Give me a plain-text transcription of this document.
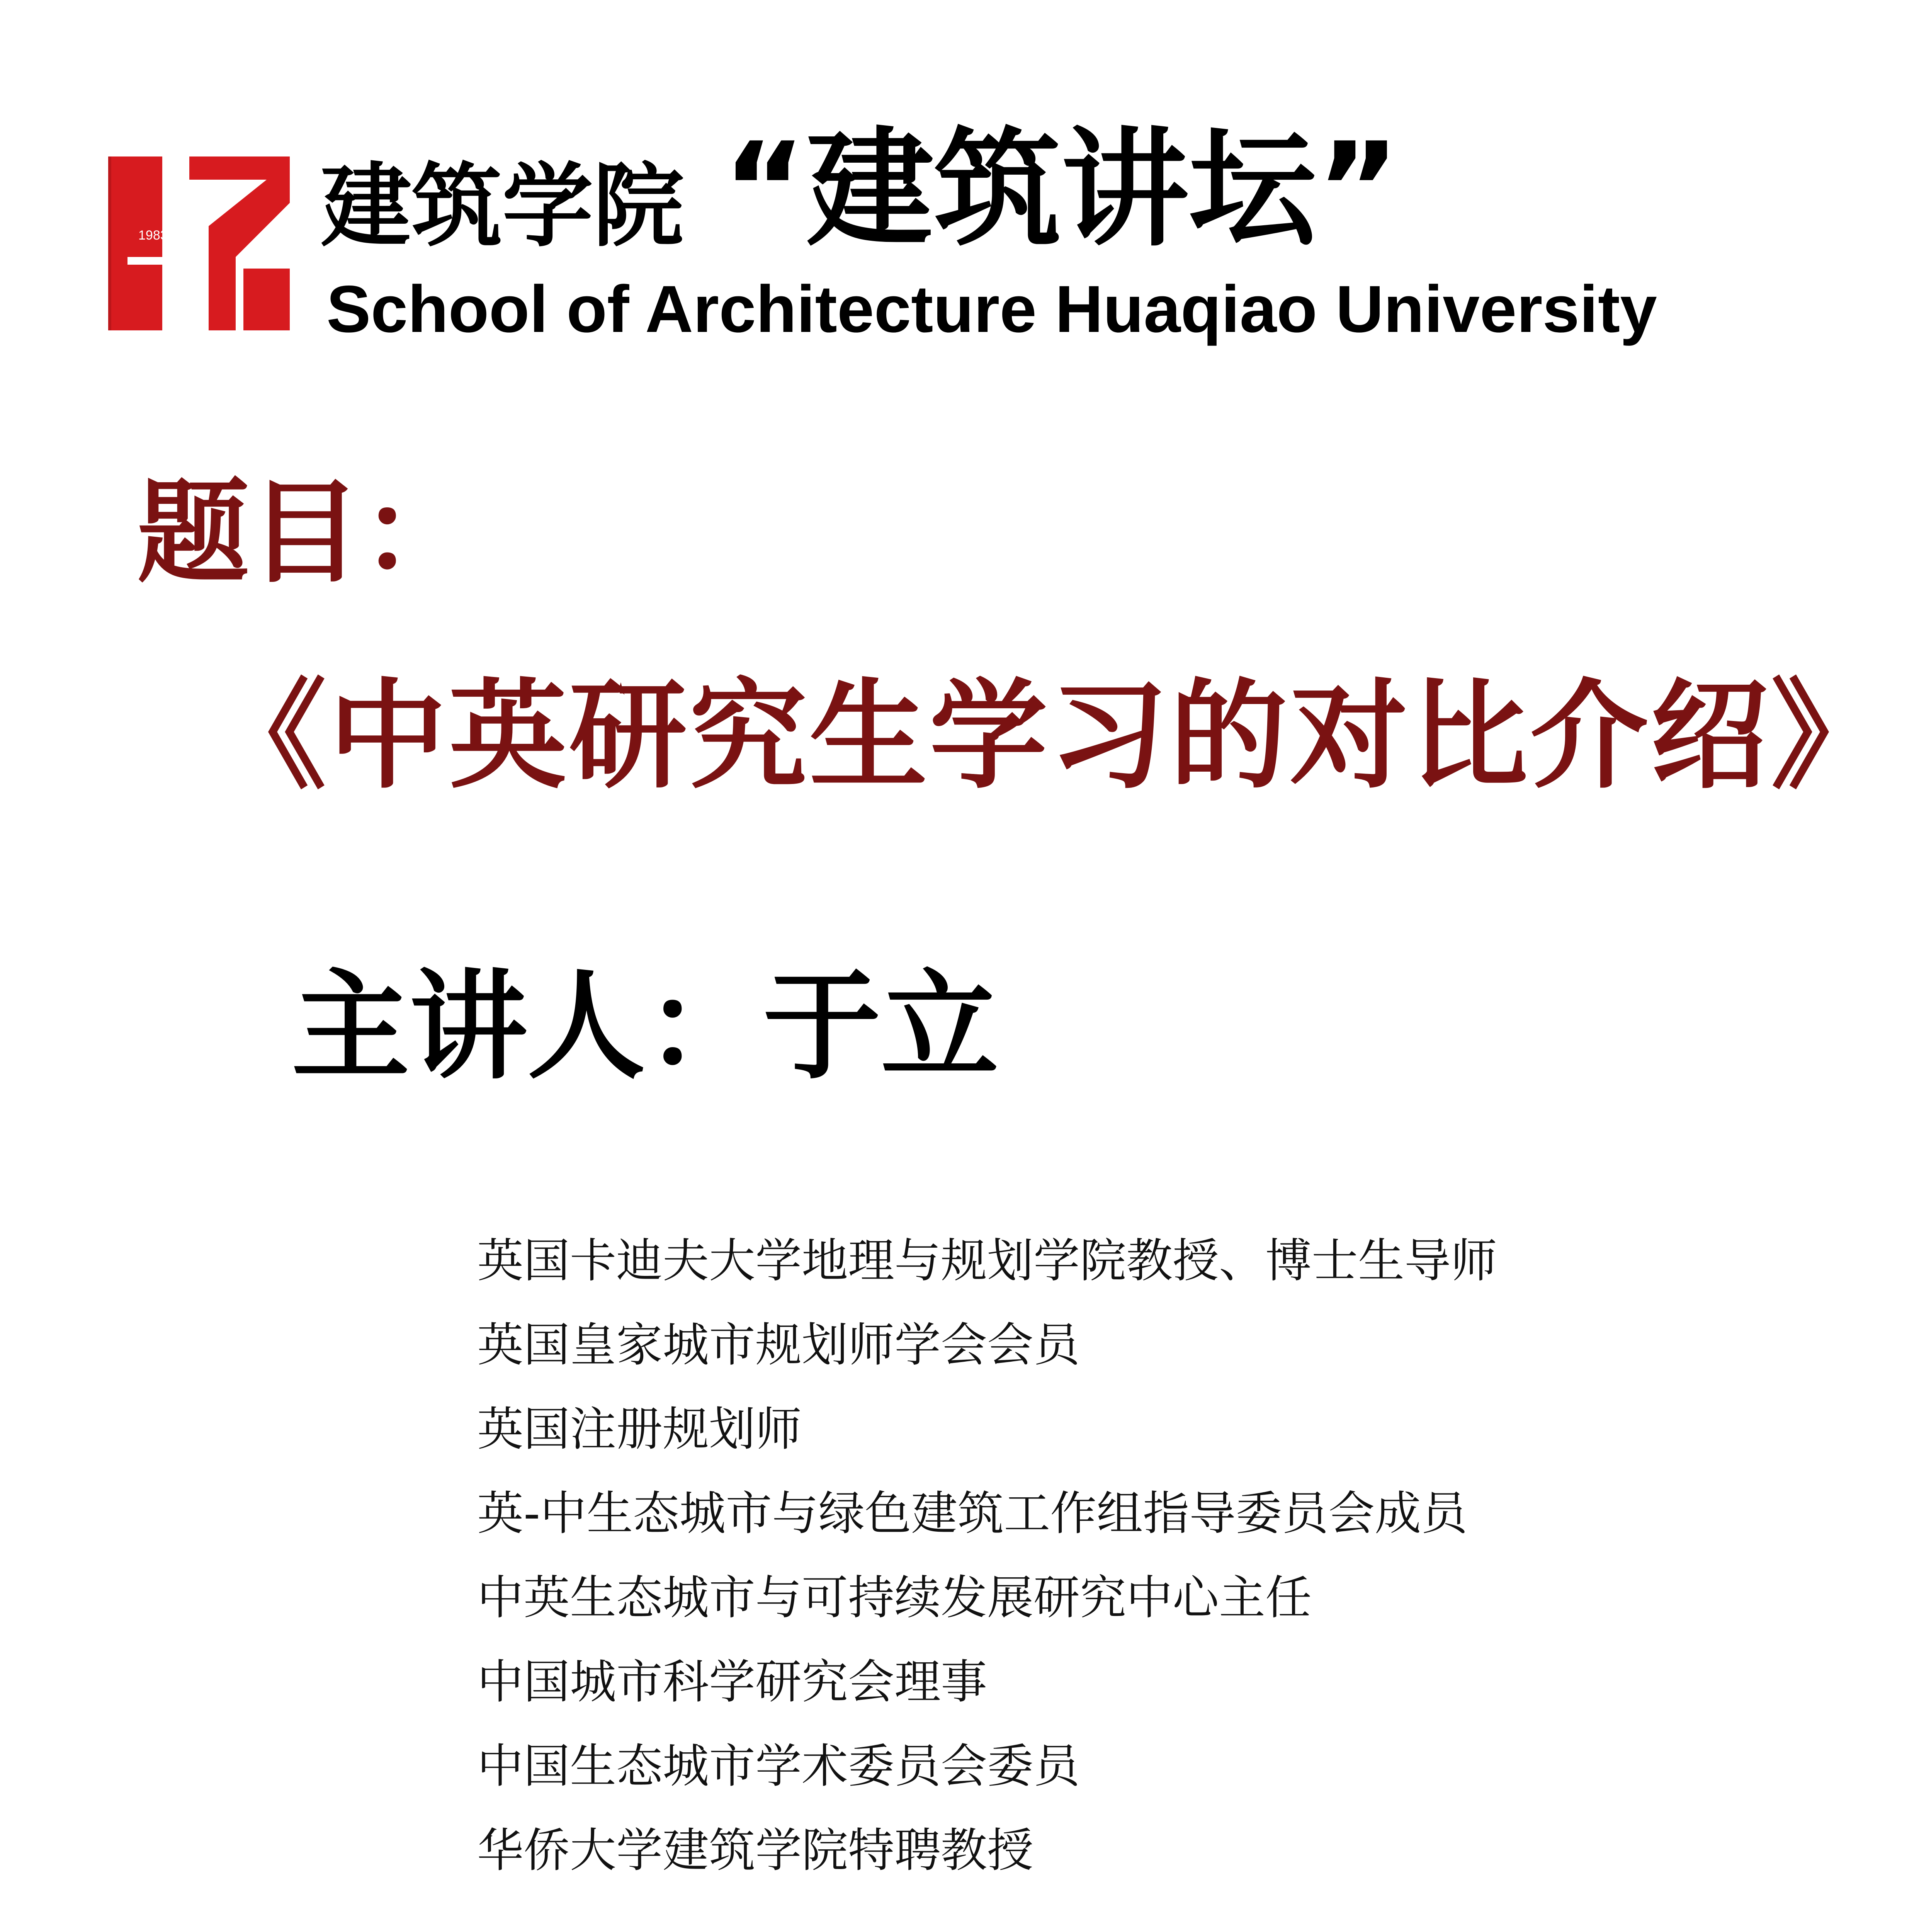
1983 建筑学院 “建筑讲坛”
School of Architecture Huaqiao University
题目：
《中英研究生学习的对比介绍》
主讲人：于立
英国卡迪夫大学地理与规划学院教授、博士生导师
英国皇家城市规划师学会会员
英国注册规划师
英-中生态城市与绿色建筑工作组指导委员会成员
中英生态城市与可持续发展研究中心主任
中国城市科学研究会理事
中国生态城市学术委员会委员
华侨大学建筑学院特聘教授
